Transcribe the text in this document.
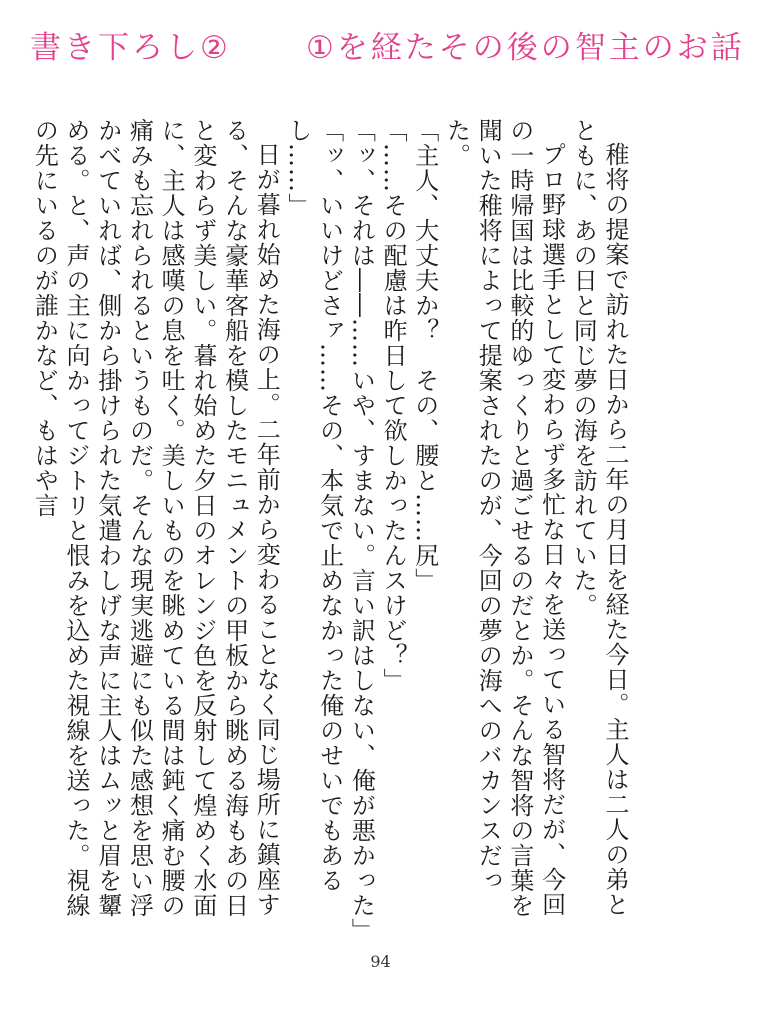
書き下ろし② ①を経たその後の智主のお話

稚将の提案で訪れた日から二年の月日を経た今日。主人は二人の弟とともに、あの日と同じ夢の海を訪れていた。

プロ野球選手として変わらず多忙な日々を送っている智将だが、今回の一時帰国は比較的ゆっくりと過ごせるのだとか。そんな智将の言葉を聞いた稚将によって提案されたのが、今回の夢の海へのバカンスだった。

「主人、大丈夫か？　その、腰と……尻」

「……その配慮は昨日して欲しかったんスけど？」

「ッ、それは――……いや、すまない。言い訳はしない、俺が悪かった」

「ッ、いいけどさァ……その、本気で止めなかった俺のせいでもあるし……」

日が暮れ始めた海の上。二年前から変わることなく同じ場所に鎮座する、そんな豪華客船を模したモニュメントの甲板から眺める海もあの日と変わらず美しい。暮れ始めた夕日のオレンジ色を反射して煌めく水面に、主人は感嘆の息を吐く。美しいものを眺めている間は鈍く痛む腰の痛みも忘れられるというものだ。そんな現実逃避にも似た感想を思い浮かべていれば、側から掛けられた気遣わしげな声に主人はムッと眉を顰める。と、声の主に向かってジトリと恨みを込めた視線を送った。視線の先にいるのが誰かなど、もはや言

94
